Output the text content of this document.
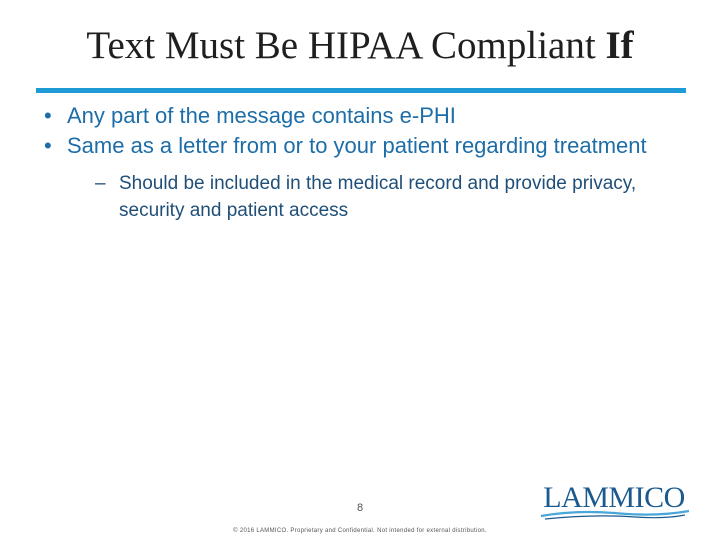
Text Must Be HIPAA Compliant If
• Any part of the message contains e-PHI
• Same as a letter from or to your patient regarding treatment
– Should be included in the medical record and provide privacy, security and patient access
8	LAMMICO
© 2016 LAMMICO. Proprietary and Confidential. Not intended for external distribution.
